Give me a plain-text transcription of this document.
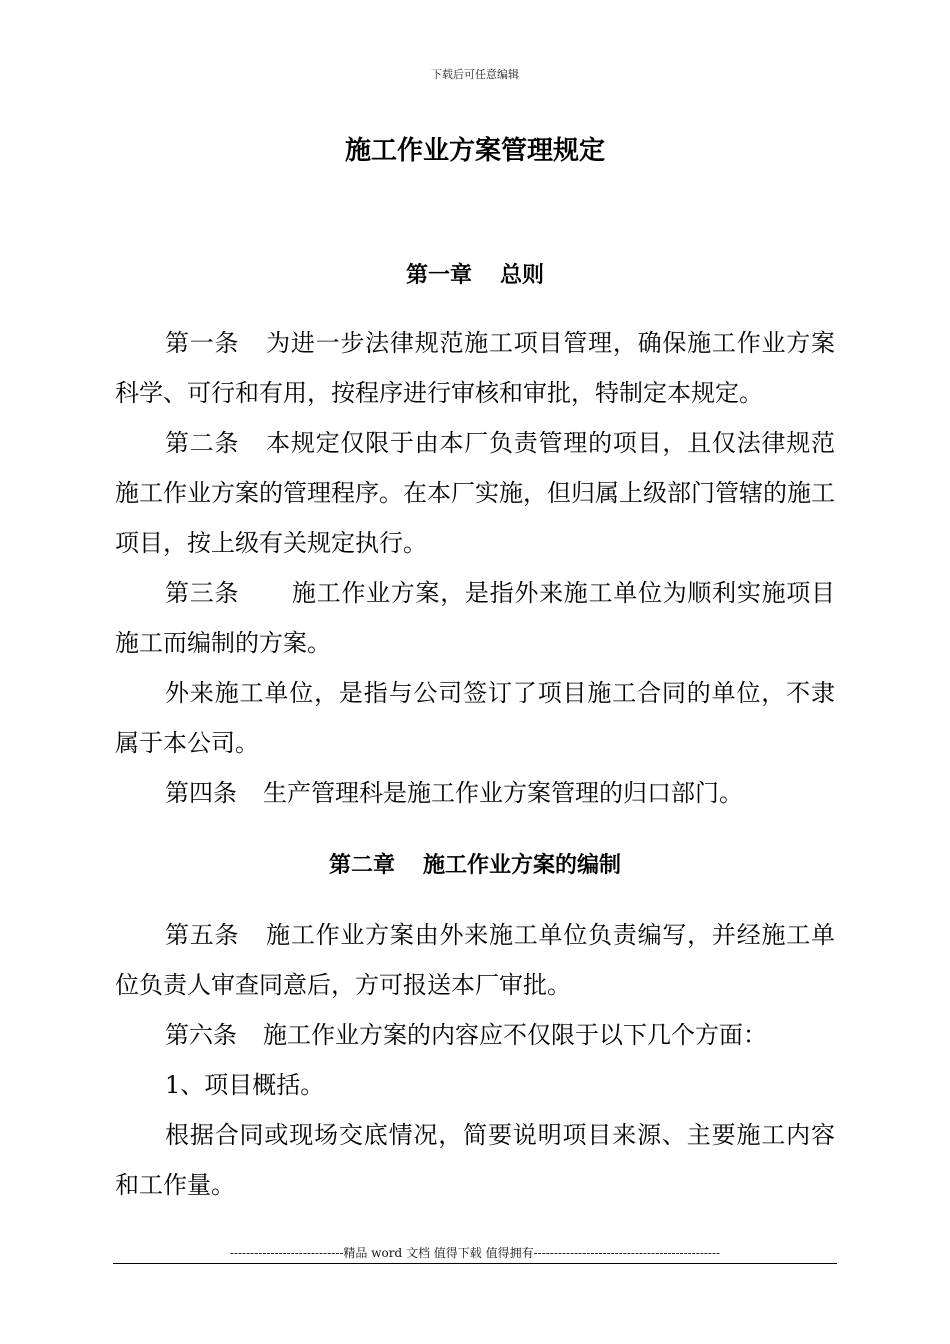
下载后可任意编辑
施工作业方案管理规定
第一章 总则

第一条 为进一步法律规范施工项目管理，确保施工作业方案科学、可行和有用，按程序进行审核和审批，特制定本规定。

第二条 本规定仅限于由本厂负责管理的项目，且仅法律规范施工作业方案的管理程序。在本厂实施，但归属上级部门管辖的施工项目，按上级有关规定执行。

第三条 施工作业方案，是指外来施工单位为顺利实施项目施工而编制的方案。

外来施工单位，是指与公司签订了项目施工合同的单位，不隶属于本公司。

第四条 生产管理科是施工作业方案管理的归口部门。

第二章 施工作业方案的编制

第五条 施工作业方案由外来施工单位负责编写，并经施工单位负责人审查同意后，方可报送本厂审批。

第六条 施工作业方案的内容应不仅限于以下几个方面：

1、项目概括。

根据合同或现场交底情况，简要说明项目来源、主要施工内容和工作量。

----------------------------精品 word 文档 值得下载 值得拥有----------------------------------------------
